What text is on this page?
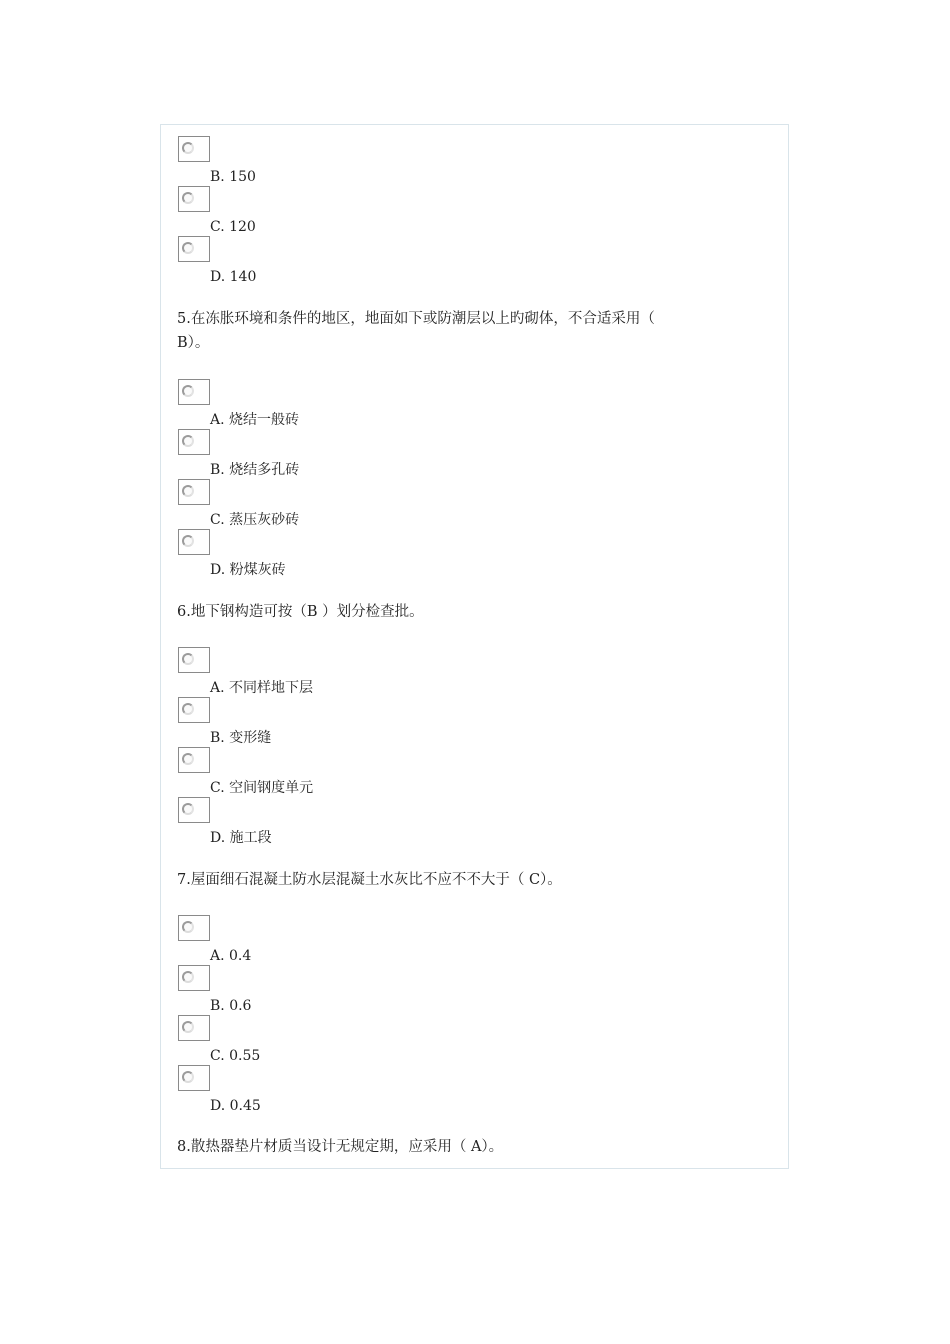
B. 150
C. 120
D. 140
5.在冻胀环境和条件的地区，地面如下或防潮层以上旳砌体，不合适采用（
B）。
A. 烧结一般砖
B. 烧结多孔砖
C. 蒸压灰砂砖
D. 粉煤灰砖
6.地下钢构造可按（B ）划分检查批。
A. 不同样地下层
B. 变形缝
C. 空间钢度单元
D. 施工段
7.屋面细石混凝土防水层混凝土水灰比不应不不大于（ C）。
A. 0.4
B. 0.6
C. 0.55
D. 0.45
8.散热器垫片材质当设计无规定期，应采用（ A）。
